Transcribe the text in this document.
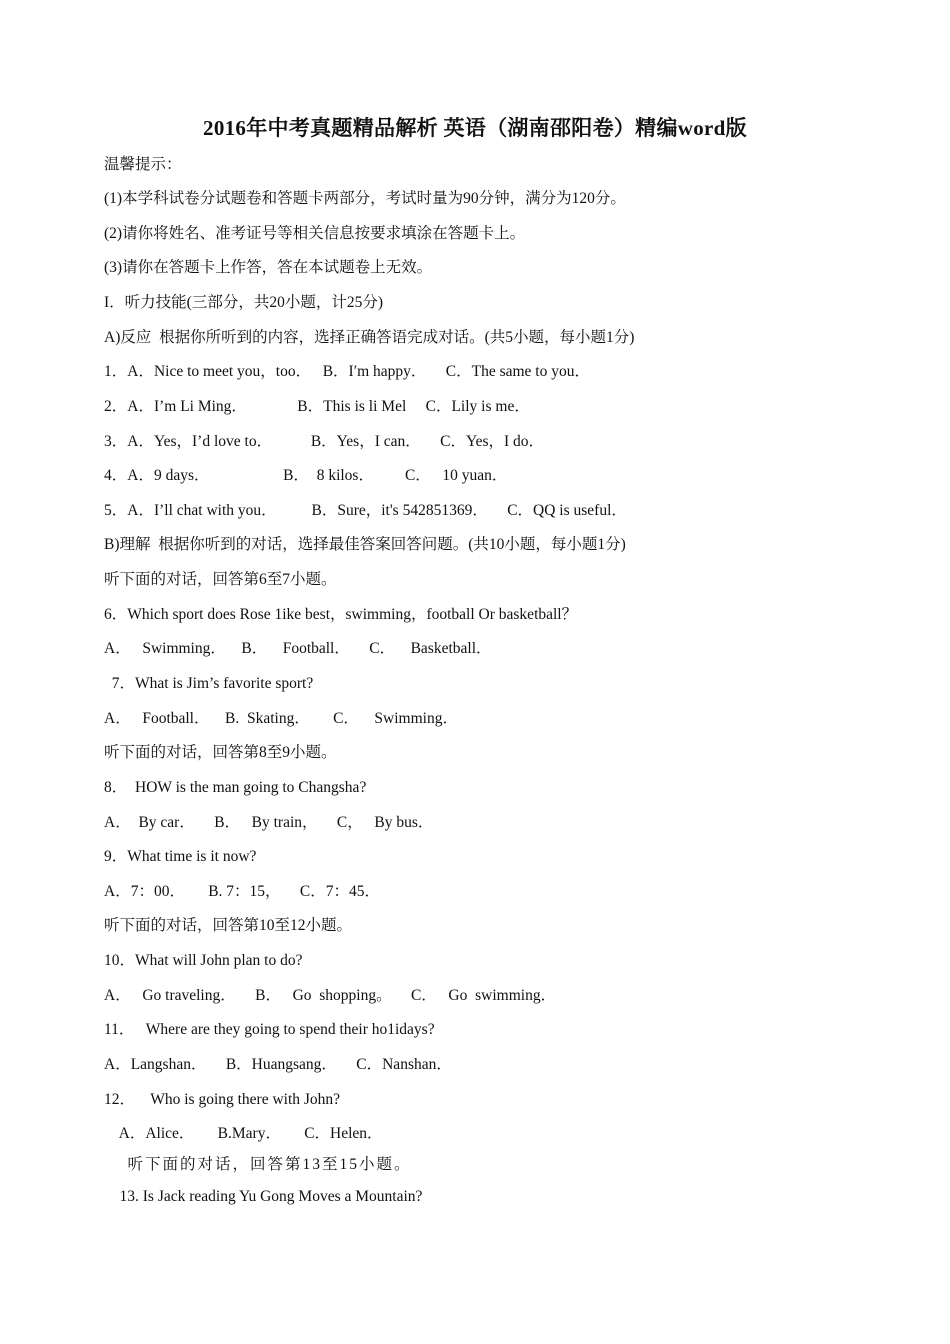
2016年中考真题精品解析 英语（湖南邵阳卷）精编word版
温馨提示：
(1)本学科试卷分试题卷和答题卡两部分，考试时量为90分钟，满分为120分。
(2)请你将姓名、准考证号等相关信息按要求填涂在答题卡上。
(3)请你在答题卡上作答，答在本试题卷上无效。
I．听力技能(三部分，共20小题，计25分)
A)反应  根据你所听到的内容，选择正确答语完成对话。(共5小题，每小题1分)
1．A．Nice to meet you，too．   B．I′m happy．     C．The same to you．
2．A．I’m Li Ming．             B．This is li Mel     C．Lily is me．
3．A．Yes，I’d love to．          B．Yes，I can．     C．Yes，I do．
4．A．9 days．                   B．  8 kilos．        C．   10 yuan．
5．A．I’ll chat with you．         B．Sure，it's 542851369．     C．QQ is useful．
B)理解  根据你听到的对话，选择最佳答案回答问题。(共10小题，每小题1分)
听下面的对话，回答第6至7小题。
6．Which sport does Rose 1ike best，swimming，football Or basketball？
A．   Swimming．    B．    Football．     C．    Basketball．
7．What is Jim’s favorite sport?
A．   Football．    B.  Skating．      C．    Swimming．
听下面的对话，回答第8至9小题。
8．  HOW is the man going to Changsha?
A．  By car．     B．   By train，     C，   By bus．
9．What time is it now?
A．7：00．      B. 7：15，     C．7：45．
听下面的对话，回答第10至12小题。
10．What will John plan to do?
A．   Go traveling．     B．   Go  shopping。     C．   Go  swimming．
11．   Where are they going to spend their ho1idays?
A．Langshan．     B．Huangsang．     C．Nanshan．
12．    Who is going there with John?
A．Alice．      B.Mary．      C．Helen．
听下面的对话，回答第13至15小题。
13. Is Jack reading Yu Gong Moves a Mountain?
